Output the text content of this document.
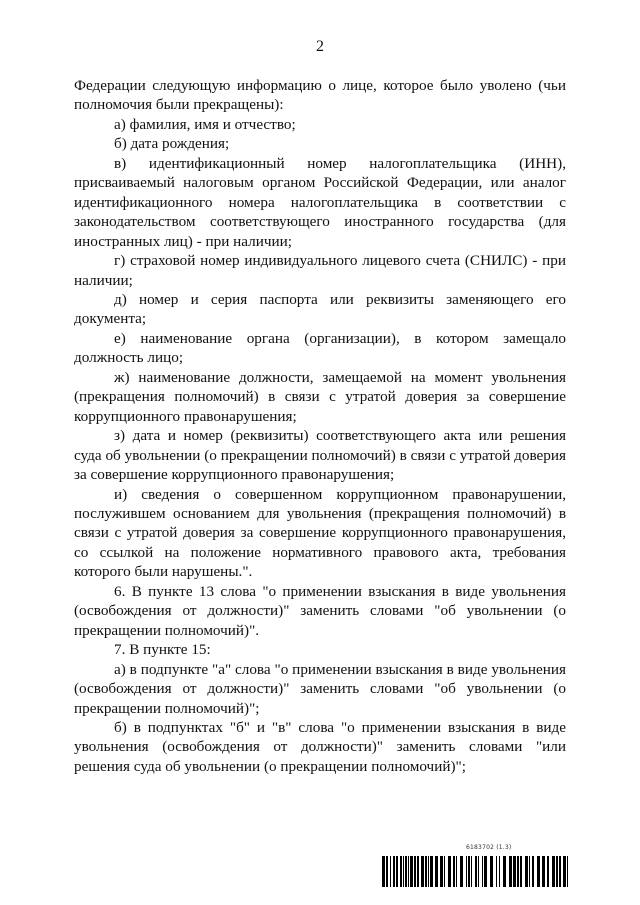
2

Федерации следующую информацию о лице, которое было уволено (чьи полномочия были прекращены):

а) фамилия, имя и отчество;

б) дата рождения;

в) идентификационный номер налогоплательщика (ИНН), присваиваемый налоговым органом Российской Федерации, или аналог идентификационного номера налогоплательщика в соответствии с законодательством соответствующего иностранного государства (для иностранных лиц) - при наличии;

г) страховой номер индивидуального лицевого счета (СНИЛС) - при наличии;

д) номер и серия паспорта или реквизиты заменяющего его документа;

е) наименование органа (организации), в котором замещало должность лицо;

ж) наименование должности, замещаемой на момент увольнения (прекращения полномочий) в связи с утратой доверия за совершение коррупционного правонарушения;

з) дата и номер (реквизиты) соответствующего акта или решения суда об увольнении (о прекращении полномочий) в связи с утратой доверия за совершение коррупционного правонарушения;

и) сведения о совершенном коррупционном правонарушении, послужившем основанием для увольнения (прекращения полномочий) в связи с утратой доверия за совершение коррупционного правонарушения, со ссылкой на положение нормативного правового акта, требования которого были нарушены.".

6. В пункте 13 слова "о применении взыскания в виде увольнения (освобождения от должности)" заменить словами "об увольнении (о прекращении полномочий)".

7. В пункте 15:

а) в подпункте "а" слова "о применении взыскания в виде увольнения (освобождения от должности)" заменить словами "об увольнении (о прекращении полномочий)";

б) в подпунктах "б" и "в" слова "о применении взыскания в виде увольнения (освобождения от должности)" заменить словами "или решения суда об увольнении (о прекращении полномочий)";

6183702 (1.3)
